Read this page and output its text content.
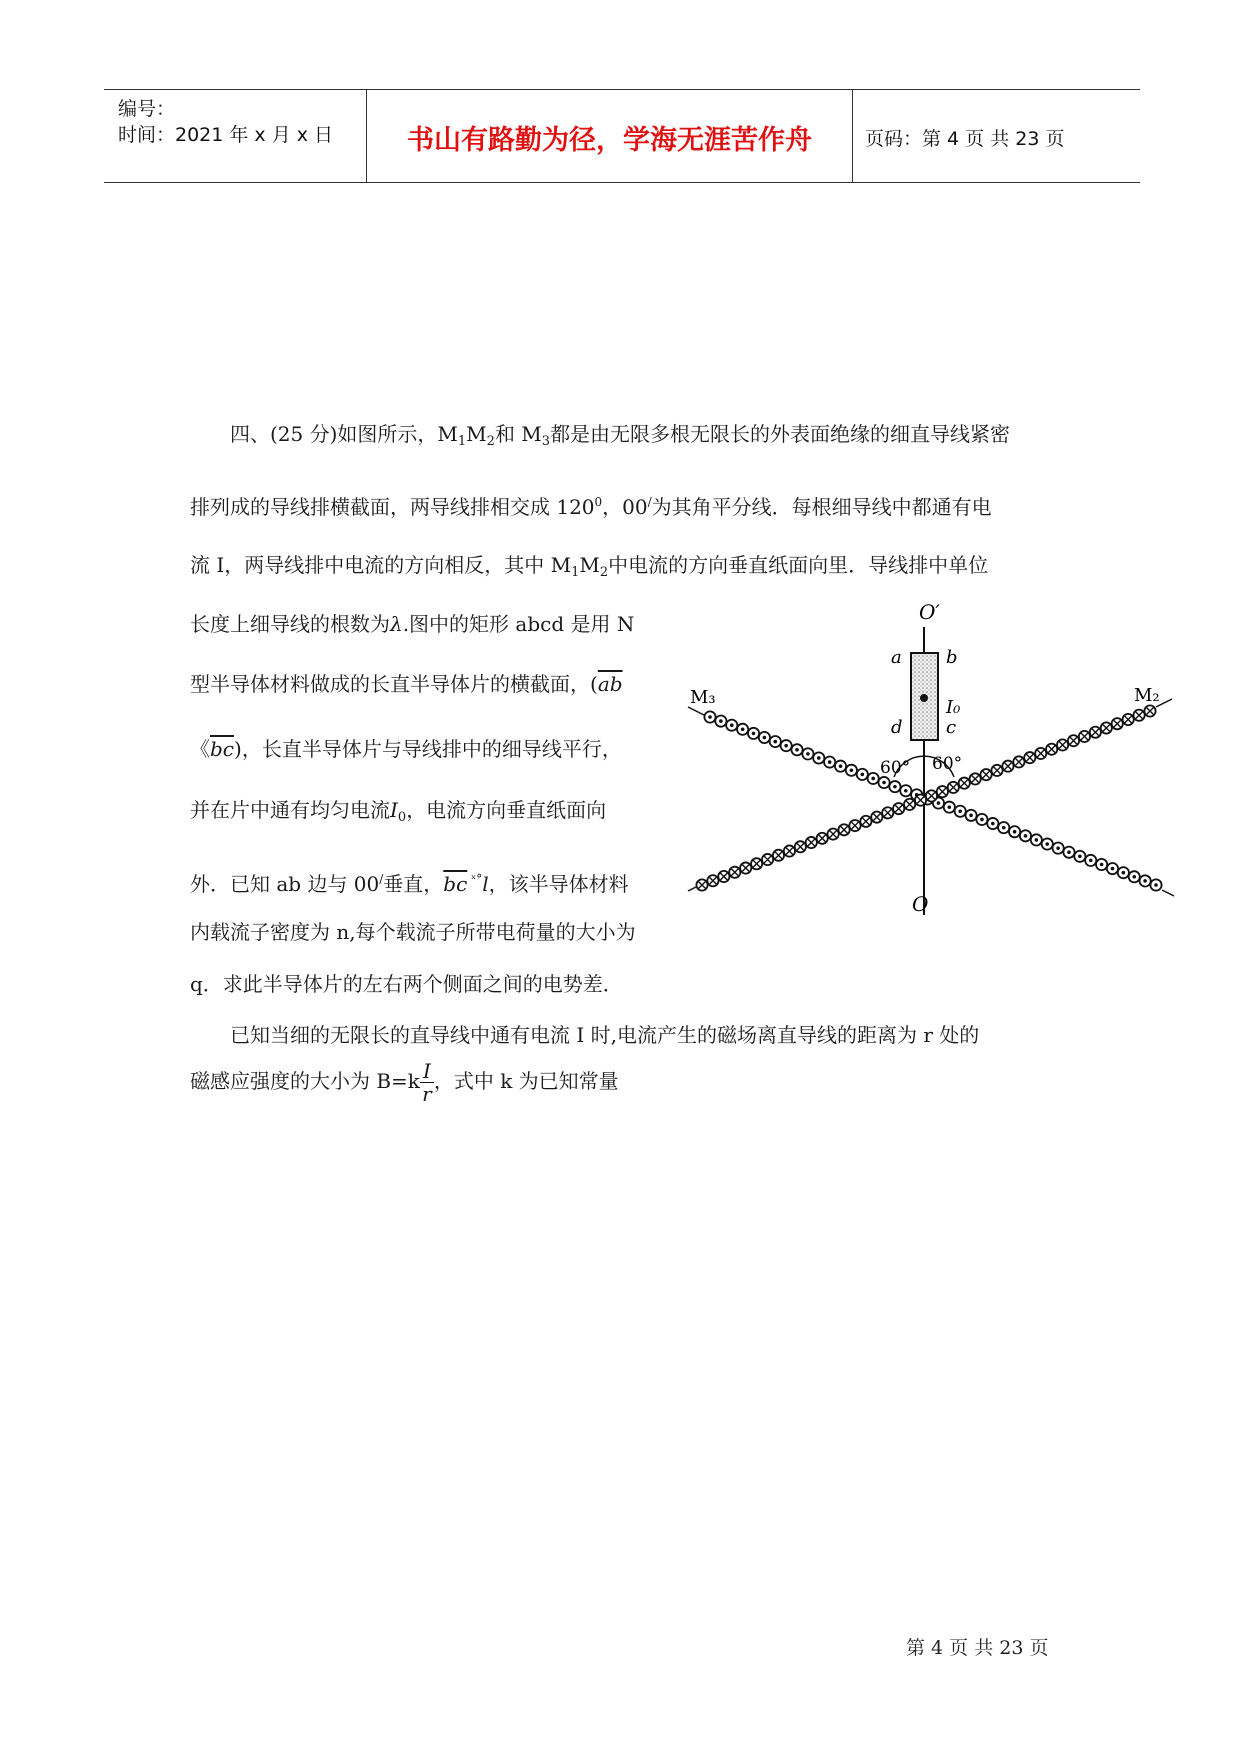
编号：
时间：2021 年 x 月 x 日	书山有路勤为径，学海无涯苦作舟	页码：第 4 页 共 23 页
四、(25 分)如图所示，$M_1M_2$和 $M_3$都是由无限多根无限长的外表面绝缘的细直导线紧密
排列成的导线排横截面，两导线排相交成 $120^0$，00/为其角平分线．每根细导线中都通有电
流 I，两导线排中电流的方向相反，其中 $M_1M_2$中电流的方向垂直纸面向里．导线排中单位
长度上细导线的根数为λ.图中的矩形 abcd 是用 N
型半导体材料做成的长直半导体片的横截面，($\overline{ab}$
《$\overline{bc}$)，长直半导体片与导线排中的细导线平行，
并在片中通有均匀电流$I_0$，电流方向垂直纸面向
外．已知 ab 边与 00/垂直，$\overline{bc}$ $^{ˣ^\circ}$l，该半导体材料
内载流子密度为 n,每个载流子所带电荷量的大小为
q．求此半导体片的左右两个侧面之间的电势差．
已知当细的无限长的直导线中通有电流 I 时,电流产生的磁场离直导线的距离为 r 处的
磁感应强度的大小为 $B=k \frac{I}{r}$ ，式中 k 为已知常量
O′
O
a b
I₀
d c
M₃	M₂
60° 60°
第 4 页 共 23 页
